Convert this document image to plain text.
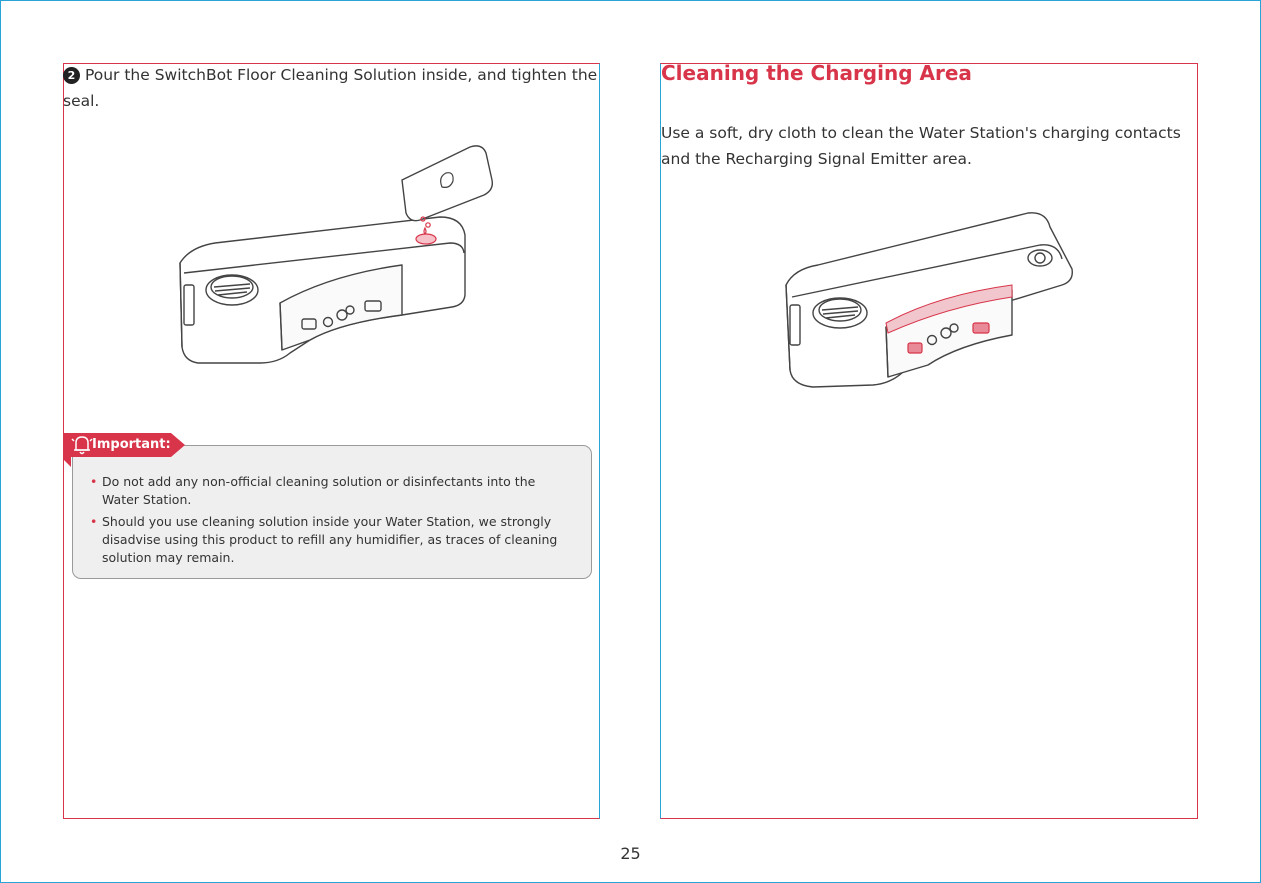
2 Pour the SwitchBot Floor Cleaning Solution inside, and tighten the seal.
Important:
• Do not add any non-official cleaning solution or disinfectants into the Water Station.
• Should you use cleaning solution inside your Water Station, we strongly disadvise using this product to refill any humidifier, as traces of cleaning solution may remain.
Cleaning the Charging Area
Use a soft, dry cloth to clean the Water Station's charging contacts and the Recharging Signal Emitter area.
25
